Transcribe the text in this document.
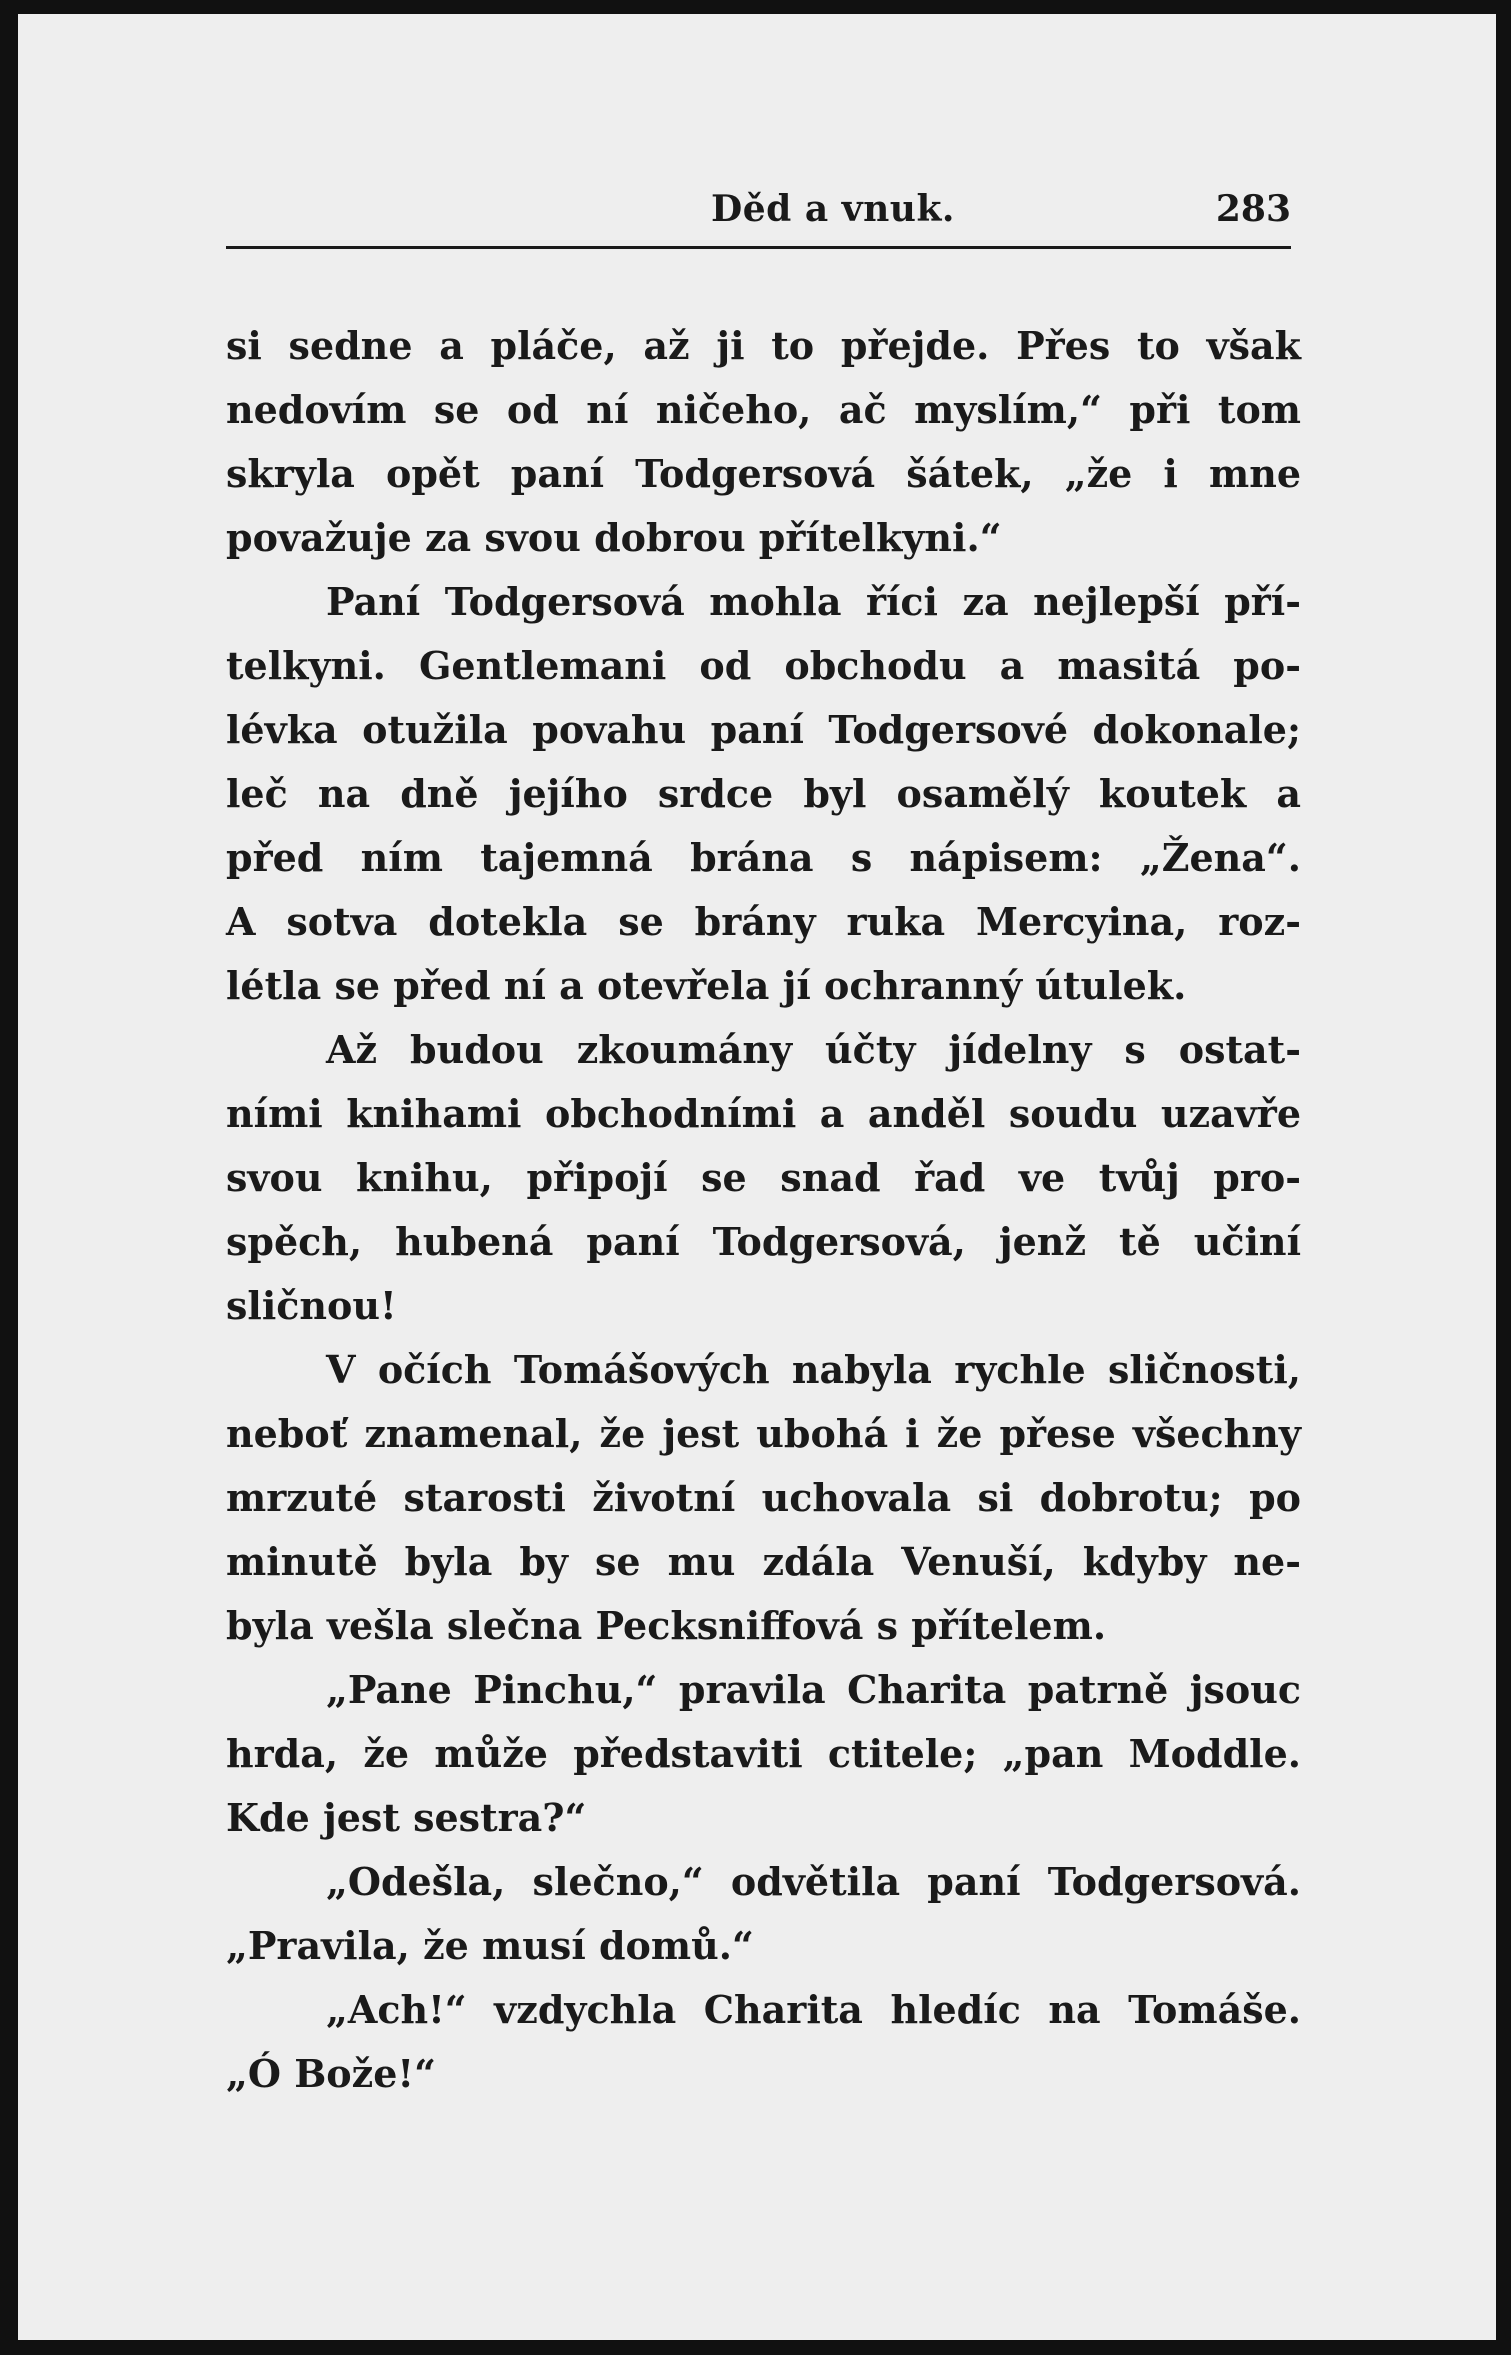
Děd a vnuk.	283
si sedne a pláče, až ji to přejde. Přes to však
nedovím se od ní ničeho, ač myslím,“ při tom
skryla opět paní Todgersová šátek, „že i mne
považuje za svou dobrou přítelkyni.“
Paní Todgersová mohla říci za nejlepší pří-
telkyni. Gentlemani od obchodu a masitá po-
lévka otužila povahu paní Todgersové dokonale;
leč na dně jejího srdce byl osamělý koutek a
před ním tajemná brána s nápisem: „Žena“.
A sotva dotekla se brány ruka Mercyina, roz-
létla se před ní a otevřela jí ochranný útulek.
Až budou zkoumány účty jídelny s ostat-
ními knihami obchodními a anděl soudu uzavře
svou knihu, připojí se snad řad ve tvůj pro-
spěch, hubená paní Todgersová, jenž tě učiní
sličnou!
V očích Tomášových nabyla rychle sličnosti,
neboť znamenal, že jest ubohá i že přese všechny
mrzuté starosti životní uchovala si dobrotu; po
minutě byla by se mu zdála Venuší, kdyby ne-
byla vešla slečna Pecksniffová s přítelem.
„Pane Pinchu,“ pravila Charita patrně jsouc
hrda, že může představiti ctitele; „pan Moddle.
Kde jest sestra?“
„Odešla, slečno,“ odvětila paní Todgersová.
„Pravila, že musí domů.“
„Ach!“ vzdychla Charita hledíc na Tomáše.
„Ó Bože!“
